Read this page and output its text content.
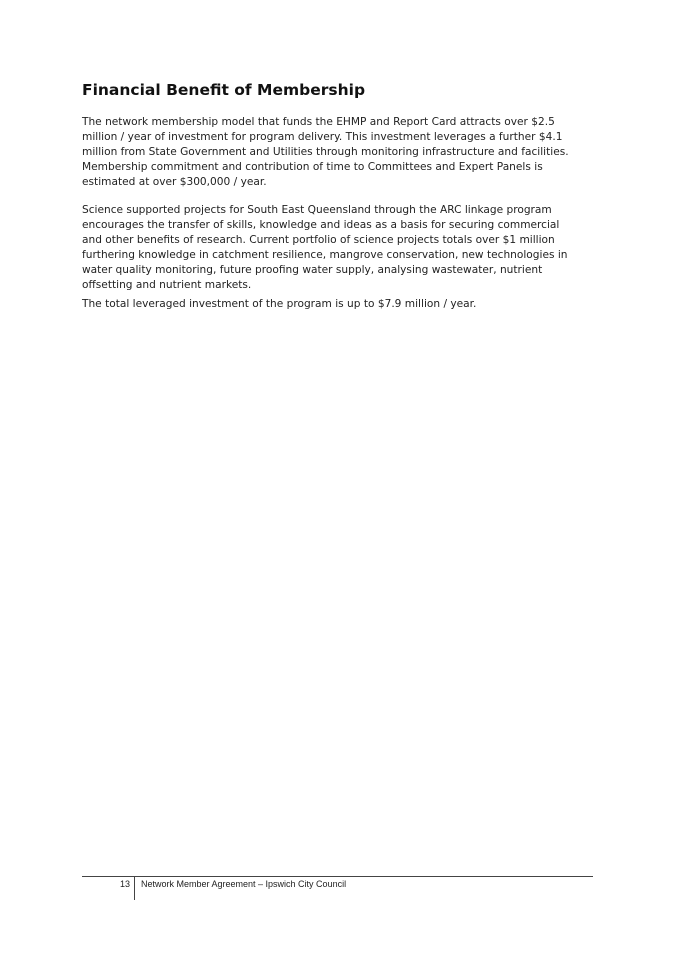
Financial Benefit of Membership

The network membership model that funds the EHMP and Report Card attracts over $2.5
million / year of investment for program delivery. This investment leverages a further $4.1
million from State Government and Utilities through monitoring infrastructure and facilities.
Membership commitment and contribution of time to Committees and Expert Panels is
estimated at over $300,000 / year.

Science supported projects for South East Queensland through the ARC linkage program
encourages the transfer of skills, knowledge and ideas as a basis for securing commercial
and other benefits of research. Current portfolio of science projects totals over $1 million
furthering knowledge in catchment resilience, mangrove conservation, new technologies in
water quality monitoring, future proofing water supply, analysing wastewater, nutrient
offsetting and nutrient markets.

The total leveraged investment of the program is up to $7.9 million / year.

13 Network Member Agreement – Ipswich City Council
